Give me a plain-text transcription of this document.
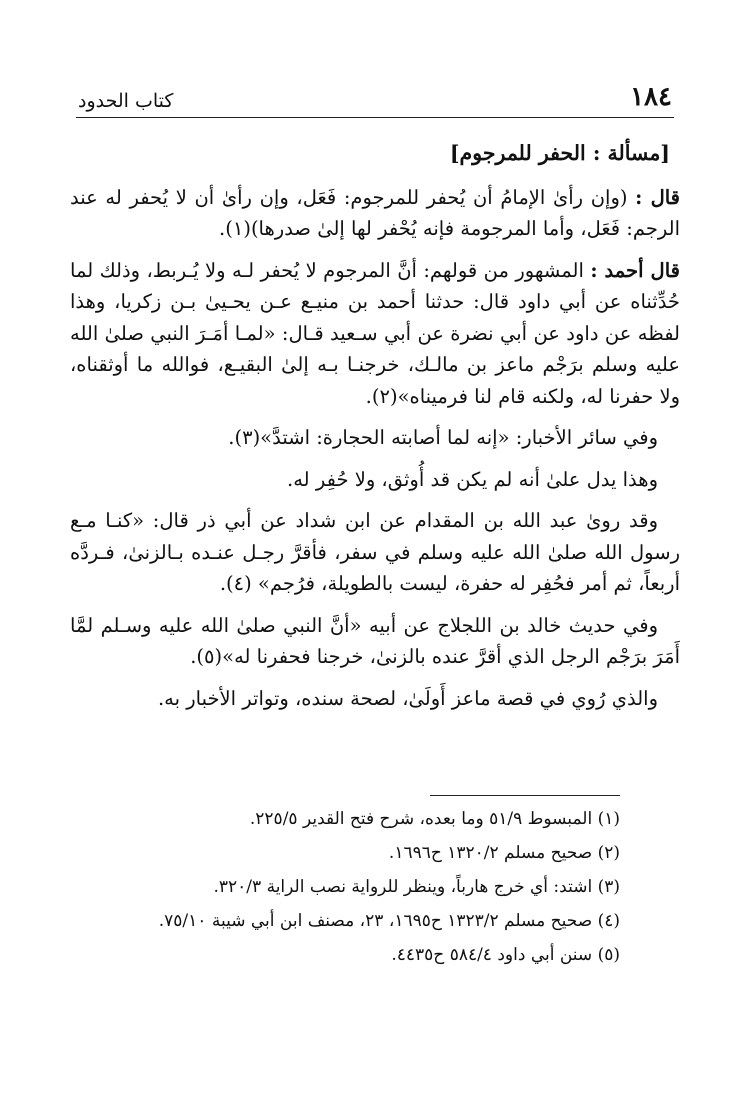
١٨٤
كتاب الحدود
[مسألة : الحفر للمرجوم]

قال : (وإن رأىٰ الإمامُ أن يُحفر للمرجوم: فَعَل، وإن رأىٰ أن لا يُحفر له عند الرجم: فَعَل، وأما المرجومة فإنه يُحْفر لها إلىٰ صدرها)(١).

قال أحمد : المشهور من قولهم: أنَّ المرجوم لا يُحفر لـه ولا يُـربط، وذلك لما حُدِّثناه عن أبي داود قال: حدثنا أحمد بن منيـع عـن يحـيىٰ بـن زكريا، وهذا لفظه عن داود عن أبي نضرة عن أبي سـعيد قـال: «لمـا أمَـرَ النبي صلىٰ الله عليه وسلم برَجْم ماعز بن مالـك، خرجنـا بـه إلىٰ البقيـع، فوالله ما أوثقناه، ولا حفرنا له، ولكنه قام لنا فرميناه»(٢).

وفي سائر الأخبار: «إنه لما أصابته الحجارة: اشتدَّ»(٣).

وهذا يدل علىٰ أنه لم يكن قد أُوثق، ولا حُفِر له.

وقد روىٰ عبد الله بن المقدام عن ابن شداد عن أبي ذر قال: «كنـا مـع رسول الله صلىٰ الله عليه وسلم في سفر، فأقرَّ رجـل عنـده بـالزنىٰ، فـردَّه أربعاً، ثم أمر فحُفِر له حفرة، ليست بالطويلة، فرُجم» (٤).

وفي حديث خالد بن اللجلاج عن أبيه «أنَّ النبي صلىٰ الله عليه وسـلم لمَّا أَمَرَ برَجْم الرجل الذي أقرَّ عنده بالزنىٰ، خرجنا فحفرنا له»(٥).

والذي رُوي في قصة ماعز أَولَىٰ، لصحة سنده، وتواتر الأخبار به.

(١) المبسوط ٥١/٩ وما بعده، شرح فتح القدير ٢٢٥/٥.
(٢) صحيح مسلم ١٣٢٠/٢ ح١٦٩٦.
(٣) اشتد: أي خرج هارباً، وينظر للرواية نصب الراية ٣٢٠/٣.
(٤) صحيح مسلم ١٣٢٣/٢ ح١٦٩٥، ٢٣، مصنف ابن أبي شيبة ٧٥/١٠.
(٥) سنن أبي داود ٥٨٤/٤ ح٤٤٣٥.
